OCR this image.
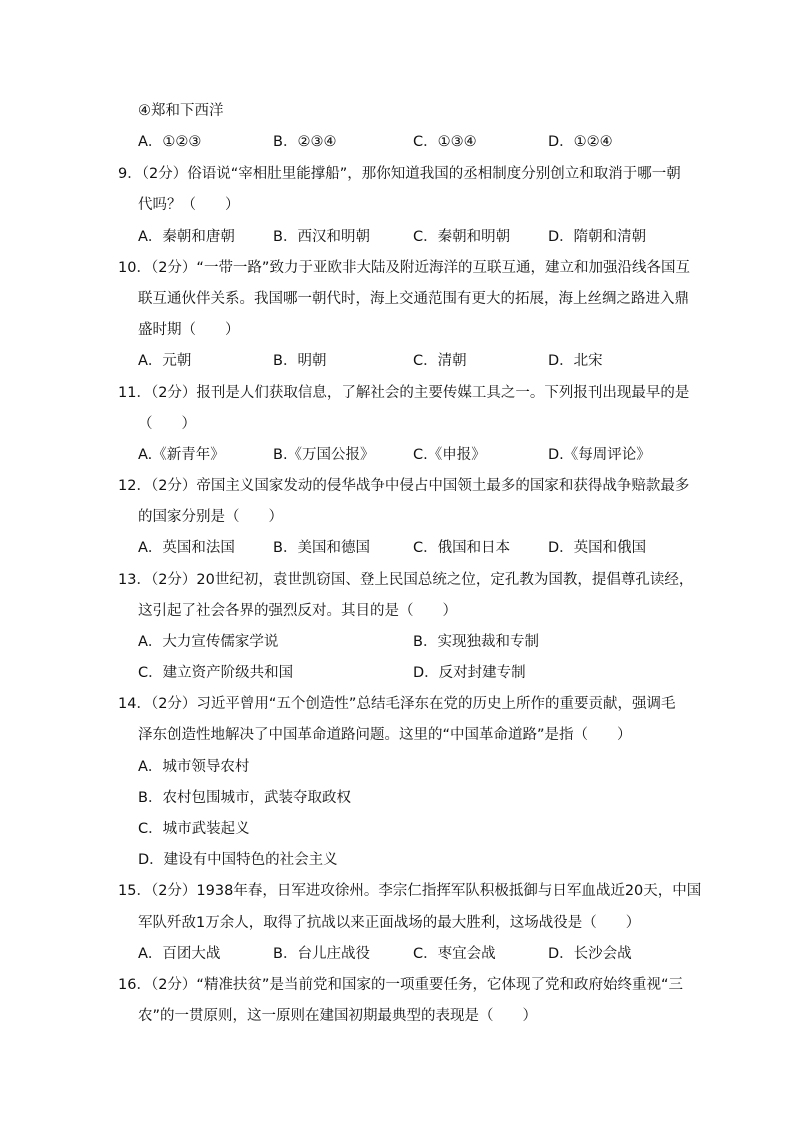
④郑和下西洋
A．①②③	B．②③④	C．①③④	D．①②④
9．（2分）俗语说“宰相肚里能撑船”，那你知道我国的丞相制度分别创立和取消于哪一朝
代吗？（　　）
A．秦朝和唐朝	B．西汉和明朝	C．秦朝和明朝	D．隋朝和清朝
10．（2分）“一带一路”致力于亚欧非大陆及附近海洋的互联互通，建立和加强沿线各国互
联互通伙伴关系。我国哪一朝代时，海上交通范围有更大的拓展，海上丝绸之路进入鼎
盛时期（　　）
A．元朝	B．明朝	C．清朝	D．北宋
11．（2分）报刊是人们获取信息，了解社会的主要传媒工具之一。下列报刊出现最早的是
（　　）
A.《新青年》	B.《万国公报》	C.《申报》	D.《每周评论》
12．（2分）帝国主义国家发动的侵华战争中侵占中国领土最多的国家和获得战争赔款最多
的国家分别是（　　）
A．英国和法国	B．美国和德国	C．俄国和日本	D．英国和俄国
13．（2分）20世纪初，袁世凯窃国、登上民国总统之位，定孔教为国教，提倡尊孔读经，
这引起了社会各界的强烈反对。其目的是（　　）
A．大力宣传儒家学说	B．实现独裁和专制
C．建立资产阶级共和国	D．反对封建专制
14．（2分）习近平曾用“五个创造性”总结毛泽东在党的历史上所作的重要贡献，强调毛
泽东创造性地解决了中国革命道路问题。这里的“中国革命道路”是指（　　）
A．城市领导农村
B．农村包围城市，武装夺取政权
C．城市武装起义
D．建设有中国特色的社会主义
15．（2分）1938年春，日军进攻徐州。李宗仁指挥军队积极抵御与日军血战近20天，中国
军队歼敌1万余人，取得了抗战以来正面战场的最大胜利，这场战役是（　　）
A．百团大战	B．台儿庄战役	C．枣宜会战	D．长沙会战
16．（2分）“精准扶贫”是当前党和国家的一项重要任务，它体现了党和政府始终重视“三
农”的一贯原则，这一原则在建国初期最典型的表现是（　　）
